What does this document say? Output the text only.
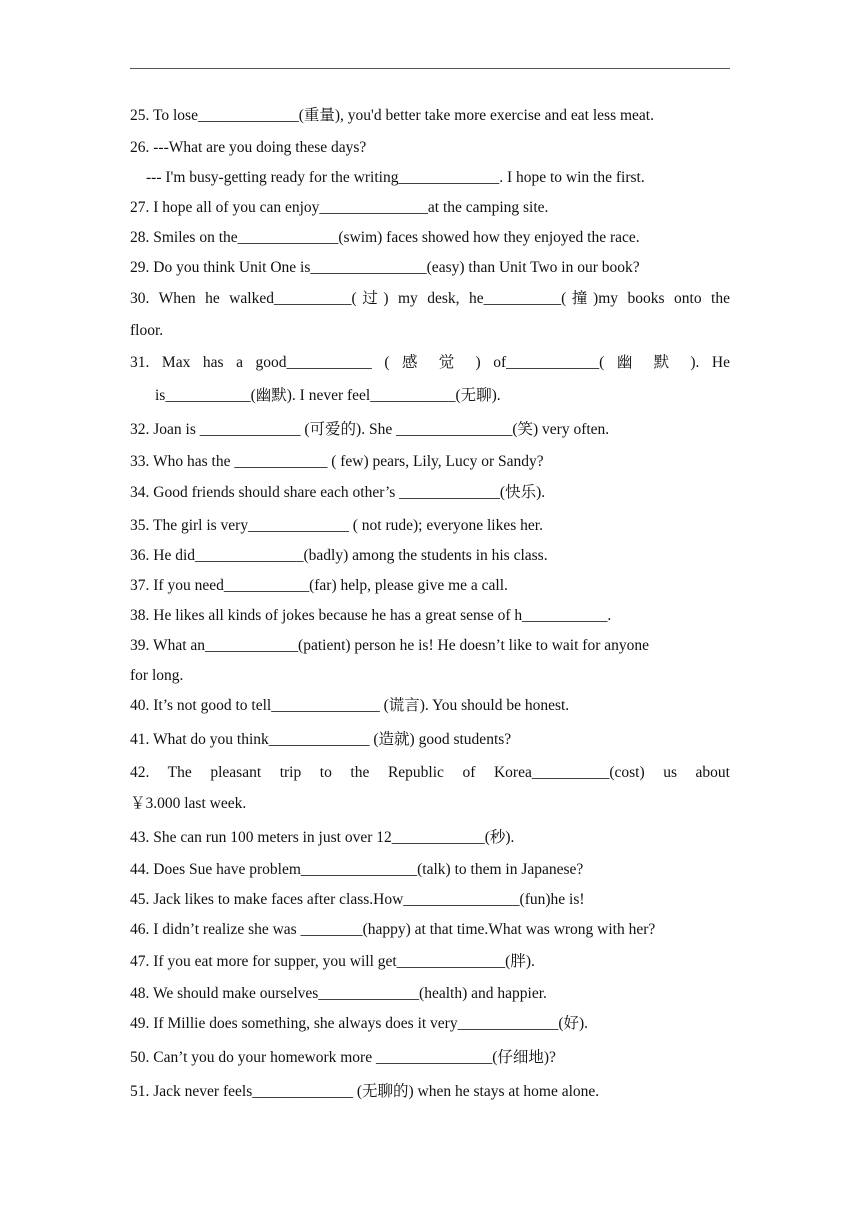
25. To lose_____________(重量), you'd better take more exercise and eat less meat.
26. ---What are you doing these days?
--- I'm busy-getting ready for the writing_____________. I hope to win the first.
27. I hope all of you can enjoy______________at the camping site.
28. Smiles on the_____________(swim) faces showed how they enjoyed the race.
29. Do you think Unit One is_______________(easy) than Unit Two in our book?
30. When he walked__________(过) my desk, he__________(撞)my books onto the
floor.
31. Max has a good___________ ( 感 觉 ) of____________( 幽 默 ). He
is___________(幽默). I never feel___________(无聊).
32. Joan is _____________ (可爱的). She _______________(笑) very often.
33. Who has the ____________ ( few) pears, Lily, Lucy or Sandy?
34. Good friends should share each other’s _____________(快乐).
35. The girl is very_____________ ( not rude); everyone likes her.
36. He did______________(badly) among the students in his class.
37. If you need___________(far) help, please give me a call.
38. He likes all kinds of jokes because he has a great sense of h___________.
39. What an____________(patient) person he is! He doesn’t like to wait for anyone
for long.
40. It’s not good to tell______________ (谎言). You should be honest.
41. What do you think_____________ (造就) good students?
42. The pleasant trip to the Republic of Korea__________(cost) us about
￥3.000 last week.
43. She can run 100 meters in just over 12____________(秒).
44. Does Sue have problem_______________(talk) to them in Japanese?
45. Jack likes to make faces after class.How_______________(fun)he is!
46. I didn’t realize she was ________(happy) at that time.What was wrong with her?
47. If you eat more for supper, you will get______________(胖).
48. We should make ourselves_____________(health) and happier.
49. If Millie does something, she always does it very_____________(好).
50. Can’t you do your homework more _______________(仔细地)?
51. Jack never feels_____________ (无聊的) when he stays at home alone.
